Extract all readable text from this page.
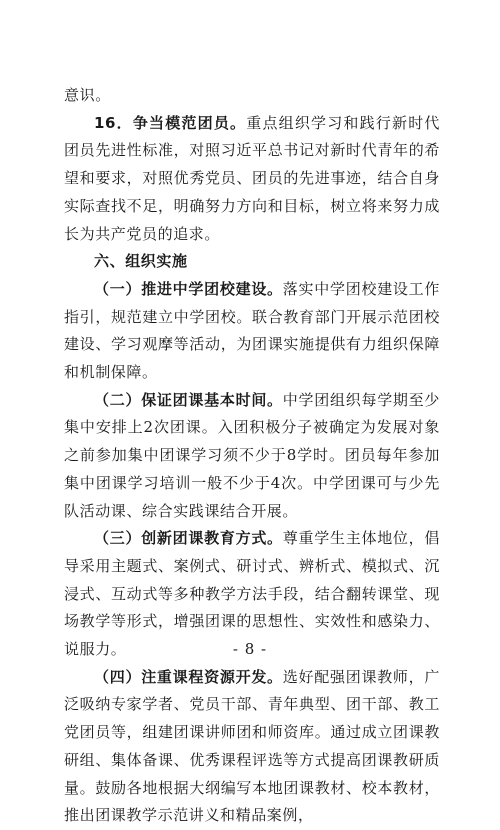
意识。

16．争当模范团员。重点组织学习和践行新时代团员先进性标准，对照习近平总书记对新时代青年的希望和要求，对照优秀党员、团员的先进事迹，结合自身实际查找不足，明确努力方向和目标，树立将来努力成长为共产党员的追求。

六、组织实施

（一）推进中学团校建设。落实中学团校建设工作指引，规范建立中学团校。联合教育部门开展示范团校建设、学习观摩等活动，为团课实施提供有力组织保障和机制保障。

（二）保证团课基本时间。中学团组织每学期至少集中安排上2次团课。入团积极分子被确定为发展对象之前参加集中团课学习须不少于8学时。团员每年参加集中团课学习培训一般不少于4次。中学团课可与少先队活动课、综合实践课结合开展。

（三）创新团课教育方式。尊重学生主体地位，倡导采用主题式、案例式、研讨式、辨析式、模拟式、沉浸式、互动式等多种教学方法手段，结合翻转课堂、现场教学等形式，增强团课的思想性、实效性和感染力、说服力。

（四）注重课程资源开发。选好配强团课教师，广泛吸纳专家学者、党员干部、青年典型、团干部、教工党团员等，组建团课讲师团和师资库。通过成立团课教研组、集体备课、优秀课程评选等方式提高团课教研质量。鼓励各地根据大纲编写本地团课教材、校本教材，推出团课教学示范讲义和精品案例，

- 8 -
